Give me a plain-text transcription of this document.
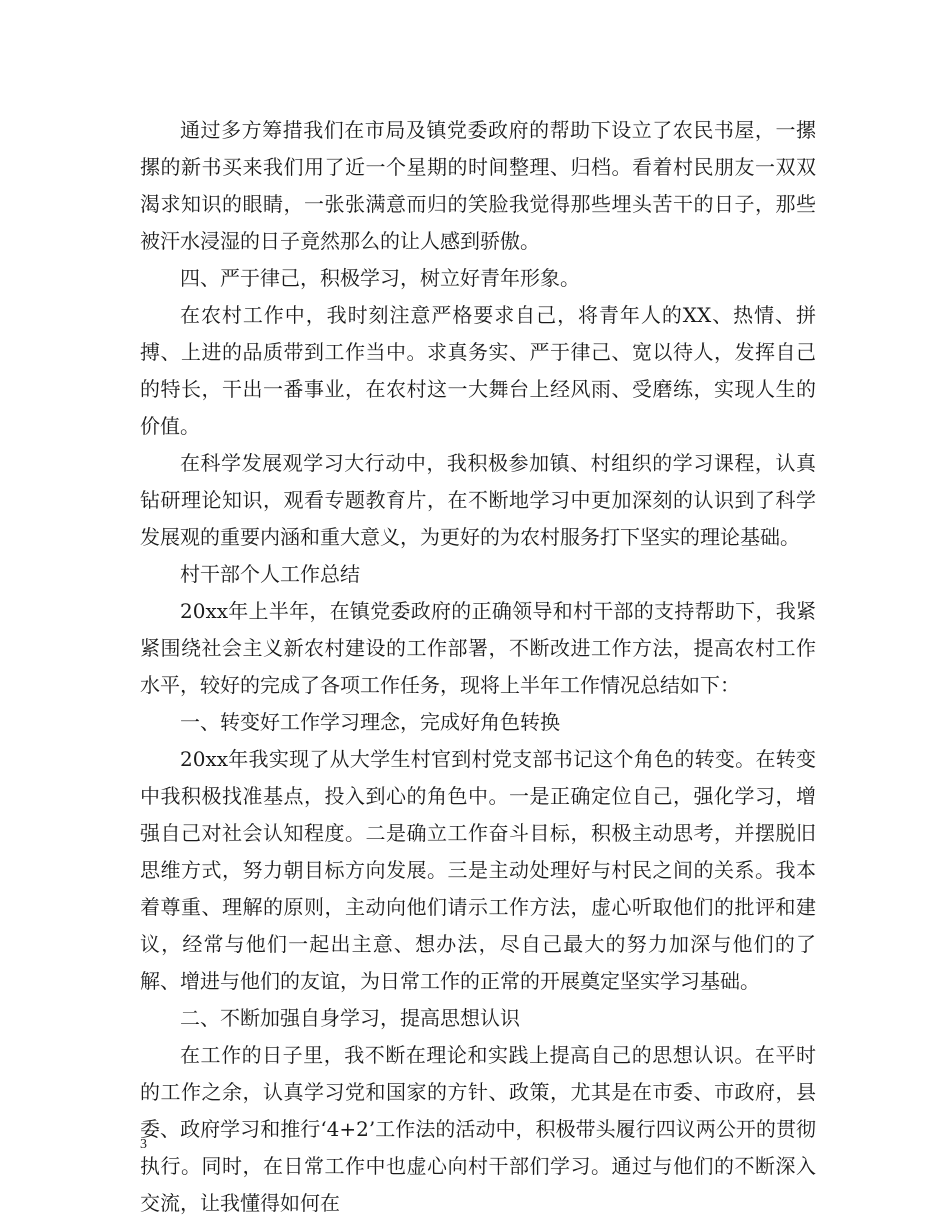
通过多方筹措我们在市局及镇党委政府的帮助下设立了农民书屋，一摞摞的新书买来我们用了近一个星期的时间整理、归档。看着村民朋友一双双渴求知识的眼睛，一张张满意而归的笑脸我觉得那些埋头苦干的日子，那些被汗水浸湿的日子竟然那么的让人感到骄傲。

四、严于律己，积极学习，树立好青年形象。

在农村工作中，我时刻注意严格要求自己，将青年人的XX、热情、拼搏、上进的品质带到工作当中。求真务实、严于律己、宽以待人，发挥自己的特长，干出一番事业，在农村这一大舞台上经风雨、受磨练，实现人生的价值。

在科学发展观学习大行动中，我积极参加镇、村组织的学习课程，认真钻研理论知识，观看专题教育片，在不断地学习中更加深刻的认识到了科学发展观的重要内涵和重大意义，为更好的为农村服务打下坚实的理论基础。

村干部个人工作总结

20xx年上半年，在镇党委政府的正确领导和村干部的支持帮助下，我紧紧围绕社会主义新农村建设的工作部署，不断改进工作方法，提高农村工作水平，较好的完成了各项工作任务，现将上半年工作情况总结如下：

一、转变好工作学习理念，完成好角色转换

20xx年我实现了从大学生村官到村党支部书记这个角色的转变。在转变中我积极找准基点，投入到心的角色中。一是正确定位自己，强化学习，增强自己对社会认知程度。二是确立工作奋斗目标，积极主动思考，并摆脱旧思维方式，努力朝目标方向发展。三是主动处理好与村民之间的关系。我本着尊重、理解的原则，主动向他们请示工作方法，虚心听取他们的批评和建议，经常与他们一起出主意、想办法，尽自己最大的努力加深与他们的了解、增进与他们的友谊，为日常工作的正常的开展奠定坚实学习基础。

二、不断加强自身学习，提高思想认识

在工作的日子里，我不断在理论和实践上提高自己的思想认识。在平时的工作之余，认真学习党和国家的方针、政策，尤其是在市委、市政府，县委、政府学习和推行‘4+2’工作法的活动中，积极带头履行四议两公开的贯彻执行。同时，在日常工作中也虚心向村干部们学习。通过与他们的不断深入交流，让我懂得如何在

3
